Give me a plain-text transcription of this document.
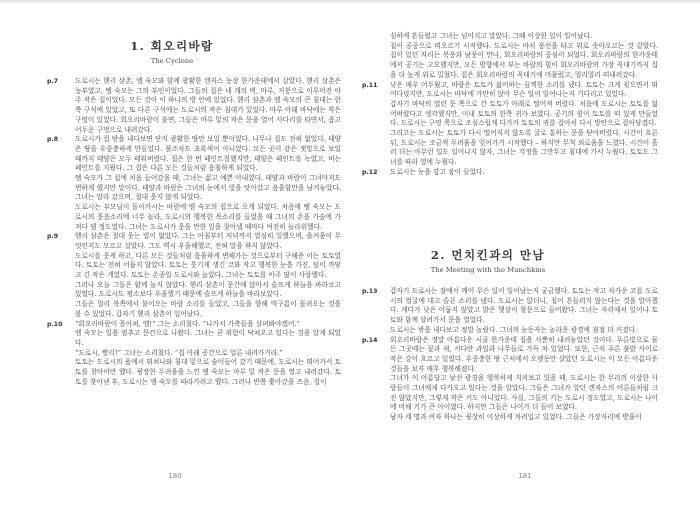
1. 회오리바람
The Cyclone
p.7	도로시는 헨리 삼촌, 엠 숙모와 함께 광활한 캔자스 농장 한가운데에서 살았다. 헨리 삼촌은 농부였고, 엠 숙모는 그의 부인이었다. 그들의 집은 네 개의 벽, 마루, 지붕으로 이루어진 아주 작은 집이었다. 모든 것이 이 하나의 방 안에 있었다. 헨리 삼촌과 엠 숙모의 큰 침대는 한 쪽 구석에 있었고, 또 다른 구석에는 도로시의 작은 침대가 있었다. 마루 아래 바닥에는 작은 구멍이 있었다. 회오리바람이 불면, 그들은 마루 밑의 작은 문을 열어 사다리를 타면서, 좁고 어두운 구멍으로 내려갔다.
p.8	도로시가 집 밖을 내다보면 단지 광활한 땅만 보일 뿐이었다. 나무나 집도 전혀 없었다. 태양은 땅을 우중충하게 만들었다. 풀조차도 초록색이 아니었다. 모든 곳이 같은 잿빛으로 보일 때까지 태양은 모두 태워버렸다. 집은 한 번 페인트칠했지만, 태양은 페인트를 녹였고, 비는 페인트를 지웠다. 그 집은 다른 모든 것들처럼 음침하게 되었다.
엠 숙모가 그 집에 처음 들어갔을 때, 그녀는 젊고 예쁜 아내였다. 태양과 바람이 그녀마저도 변하게 했지만 말이다. 태양과 바람은 그녀의 눈에서 빛을 앗아갔고 음울함만을 남겨놓았다. 그녀는 말라 갔으며, 절대 웃지 않게 되었다.
도로시는 부모님이 돌아가시는 바람에 엠 숙모의 집으로 오게 되었다. 처음에 엠 숙모는 도로시의 웃음소리에 너무 놀라, 도로시의 행복한 목소리를 들었을 때 그녀의 손을 가슴에 가져다 댈 정도였다. 그녀는 도로시가 웃을 만한 일을 찾아낼 때마다 여전히 놀라워했다.
p.9	헨리 삼촌은 절대 웃는 법이 없었다. 그는 아침부터 저녁까지 열심히 일했으며, 즐거움이 무엇인지도 모르고 살았다. 그도 역시 우울해했고, 전혀 말을 하지 않았다.
도로시를 웃게 하고, 다른 모든 것들처럼 음울하게 변해가는 것으로부터 구해준 이는 토토였다. 토토는 전혀 어둡지 않았다. 토토는 웃기게 생긴 코와 작고 행복한 눈을 가진, 털이 까맣고 긴 작은 개였다. 토토는 온종일 도로시와 놀았다. 그녀는 토토를 아주 많이 사랑했다.
그러나 오늘 그들은 함께 놀지 않았다. 헨리 삼촌이 문간에 앉아서 슬프게 하늘을 바라보고 있었다. 도로시도 평소보다 우울했기 때문에 슬프게 하늘을 바라보았다.
그들은 멀리 북쪽에서 불어오는 바람 소리를 들었고, 그들을 향해 먹구름이 몰려오는 것을 볼 수 있었다. 갑자기 헨리 삼촌이 일어났다.
p.10 “회오리바람이 몰아쳐, 엠!” 그는 소리쳤다. “나가서 가축들을 살펴봐야겠어.”
엠 숙모는 일을 멈추고 문간으로 나왔다. 그녀는 곧 위험이 닥쳐오고 있다는 것을 알게 되었다.
“도로시, 빨리!” 그녀는 소리쳤다. “집 아래 공간으로 얼른 내려가거라.”
토토는 도로시의 품에서 뛰쳐나와 침대 밑으로 숨어들어 갔기 때문에, 도로시는 뛰어가서 토토를 찾아야만 했다. 굉장한 두려움을 느낀 엠 숙모는 마루 밑 작은 문을 열고 내려갔다. 토토를 찾아낸 후, 도로시는 엠 숙모를 따라가려고 했다. 그러나 반쯤 쫓아갔을 즈음, 집이
180
심하게 흔들렸고 그녀는 넘어지고 말았다. 그때 이상한 일이 일어났다.
집이 공중으로 떠오르기 시작했다. 도로시는 마치 풍선을 타고 위로 솟아오르는 것 같았다. 집이 있던 자리는 북풍과 남풍이 만나, 회오리바람의 중심이 되었다. 회오리바람의 한가운데에서 공기는 고요했지만, 모든 방향에서 부는 바람의 힘이 회오리바람의 가장 꼭대기까지 집을 더 높게 위로 밀쳤다. 집은 회오리바람의 꼭대기에 머물렀고, 멀리멀리 떠내려갔다.
p.11 낮은 매우 어두웠고, 바람은 토토가 싫어하는 끔찍한 소리를 냈다. 토토는 크게 짖으면서 뛰어다녔지만, 도로시는 바닥에 가만히 앉아 무슨 일이 일어나는지 기다리고 있었다.
갑자기 바닥의 열린 문 쪽으로 간 토토가 아래로 떨어져 버렸다. 처음에 도로시는 토토를 잃어버렸다고 생각했지만, 이내 토토의 한쪽 귀가 보였다. 공기의 힘이 토토를 떠 있게 만들었다. 도로시는 구멍 쪽으로 조심스럽게 다가가 토토의 귀를 잡아서 다시 방안으로 잡아당겼다.
그리고는 도로시는 토토가 다시 떨어지지 않도록 굴로 통하는 문을 닫아버렸다. 시간이 흐른 뒤, 도로시는 조금씩 두려움을 잊어가기 시작했다 – 하지만 무척 외로움을 느꼈다. 시간이 흘러 더는 아무런 일도 일어나지 않자, 그녀는 걱정을 그만두고 침대에 가서 누웠다. 토토도 그녀를 따라 옆에 누웠다.
p.12 도로시는 눈을 감고 잠이 들었다.
2. 먼치킨과의 만남
The Meeting with the Munchkins
p.13 갑자기 도로시는 잠에서 깨어 무슨 일이 일어났는지 궁금했다. 토토는 작고 차가운 코를 도로시의 얼굴에 대고 슬픈 소리를 냈다. 도로시는 앉더니, 집이 흔들리지 않는다는 것을 알아챘다. 게다가 낮은 어둡지 않았고 밝은 햇살이 창문으로 들어왔다. 그녀는 자리에서 일어나 토토와 함께 달려가서 문을 열었다.
도로시는 밖을 내다보고 정말 놀랐다. 그녀의 눈동자는 놀라운 광경에 점점 더 커졌다.
p.14 회오리바람은 정말 아름다운 시골 한가운데 집을 사뿐히 내려놓았던 것이다. 푸른빛으로 물든 그곳에는 꽃과 새, 커다란 과일과 나무들로 가득 차 있었다. 또한, 근처 푸른 풀밭 사이로 작은 강이 흐르고 있었다. 우중충한 땅 근처에서 오랫동안 살았던 도로시는 이 모든 아름다운 것들을 보자 매우 행복해졌다.
그녀가 이 아름답고 낯선 광경을 행복하게 지켜보고 있을 때, 도로시는 한 무리의 이상한 사람들이 그녀에게 다가오고 있다는 것을 알았다. 그들은 그녀가 알던 캔자스의 어른들처럼 크진 않았지만, 그렇게 작은 키도 아니었다. 사실, 그들의 키는 도로시 정도였고, 도로시는 나이에 비해 키가 큰 아이였다. 하지만 그들은 나이가 더 들어 보였다.
남자 세 명과 여자 하나는 굉장히 이상하게 차려입고 있었다. 그들은 가장자리에 방울이
181
